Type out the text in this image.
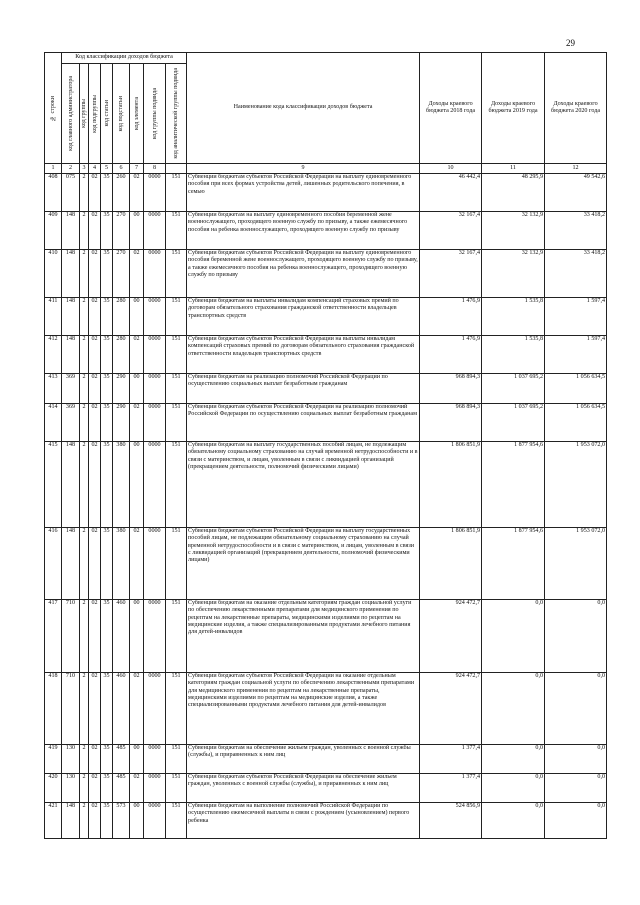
29
№ строки	Код классификации доходов бюджета								Наименование кода классификации доходов бюджета	Доходы краевого бюджета 2018 года	Доходы краевого бюджета 2019 года	Доходы краевого бюджета 2020 года

	код главного администратора	код группы	код подгруппы	код статьи	код подстатьи	код элемента	код группы подвида	код аналитической группы подвида				

1	2	3	4	5	6	7	8		9	10	11	12
408	075	2	02	35	260	02	0000	151	Субвенции бюджетам субъектов Российской Федерации на выплату единовременного пособия при всех формах устройства детей, лишенных родительского попечения, в семью	46 442,4	48 295,9	49 542,6
409	148	2	02	35	270	00	0000	151	Субвенции бюджетам на выплату единовременного пособия беременной жене военнослужащего, проходящего военную службу по призыву, а также ежемесячного пособия на ребенка военнослужащего, проходящего военную службу по призыву	32 167,4	32 132,9	33 418,2
410	148	2	02	35	270	02	0000	151	Субвенции бюджетам субъектов Российской Федерации на выплату единовременного пособия беременной жене военнослужащего, проходящего военную службу по призыву, а также ежемесячного пособия на ребенка военнослужащего, проходящего военную службу по призыву	32 167,4	32 132,9	33 418,2
411	148	2	02	35	280	00	0000	151	Субвенции бюджетам на выплаты инвалидам компенсаций страховых премий по договорам обязательного страхования гражданской ответственности владельцев транспортных средств	1 476,9	1 535,8	1 597,4
412	148	2	02	35	280	02	0000	151	Субвенции бюджетам субъектов Российской Федерации на выплаты инвалидам компенсаций страховых премий по договорам обязательного страхования гражданской ответственности владельцев транспортных средств	1 476,9	1 535,8	1 597,4
413	369	2	02	35	290	00	0000	151	Субвенции бюджетам на реализацию полномочий Российской Федерации по осуществлению социальных выплат безработным гражданам	968 894,3	1 037 695,2	1 056 634,5
414	369	2	02	35	290	02	0000	151	Субвенции бюджетам субъектов Российской Федерации на реализацию полномочий Российской Федерации по осуществлению социальных выплат безработным гражданам	968 894,3	1 037 695,2	1 056 634,5
415	148	2	02	35	380	00	0000	151	Субвенции бюджетам на выплату государственных пособий лицам, не подлежащим обязательному социальному страхованию на случай временной нетрудоспособности и в связи с материнством, и лицам, уволенным в связи с ликвидацией организаций (прекращением деятельности, полномочий физическими лицами)	1 806 851,9	1 877 954,6	1 953 072,0
416	148	2	02	35	380	02	0000	151	Субвенции бюджетам субъектов Российской Федерации на выплату государственных пособий лицам, не подлежащим обязательному социальному страхованию на случай временной нетрудоспособности и в связи с материнством, и лицам, уволенным в связи с ликвидацией организаций (прекращением деятельности, полномочий физическими лицами)	1 806 851,9	1 877 954,6	1 953 072,0
417	710	2	02	35	460	00	0000	151	Субвенции бюджетам на оказание отдельным категориям граждан социальной услуги по обеспечению лекарственными препаратами для медицинского применения по рецептам на лекарственные препараты, медицинскими изделиями по рецептам на медицинские изделия, а также специализированными продуктами лечебного питания для детей-инвалидов	924 472,7	0,0	0,0
418	710	2	02	35	460	02	0000	151	Субвенции бюджетам субъектов Российской Федерации на оказание отдельным категориям граждан социальной услуги по обеспечению лекарственными препаратами для медицинского применения по рецептам на лекарственные препараты, медицинскими изделиями по рецептам на медицинские изделия, а также специализированными продуктами лечебного питания для детей-инвалидов	924 472,7	0,0	0,0
419	130	2	02	35	485	00	0000	151	Субвенции бюджетам на обеспечение жильем граждан, уволенных с военной службы (службы), и приравненных к ним лиц	1 377,4	0,0	0,0
420	130	2	02	35	485	02	0000	151	Субвенции бюджетам субъектов Российской Федерации на обеспечение жильем граждан, уволенных с военной службы (службы), и приравненных к ним лиц	1 377,4	0,0	0,0
421	148	2	02	35	573	00	0000	151	Субвенции бюджетам на выполнение полномочий Российской Федерации по осуществлению ежемесячной выплаты в связи с рождением (усыновлением) первого ребенка	524 856,9	0,0	0,0
